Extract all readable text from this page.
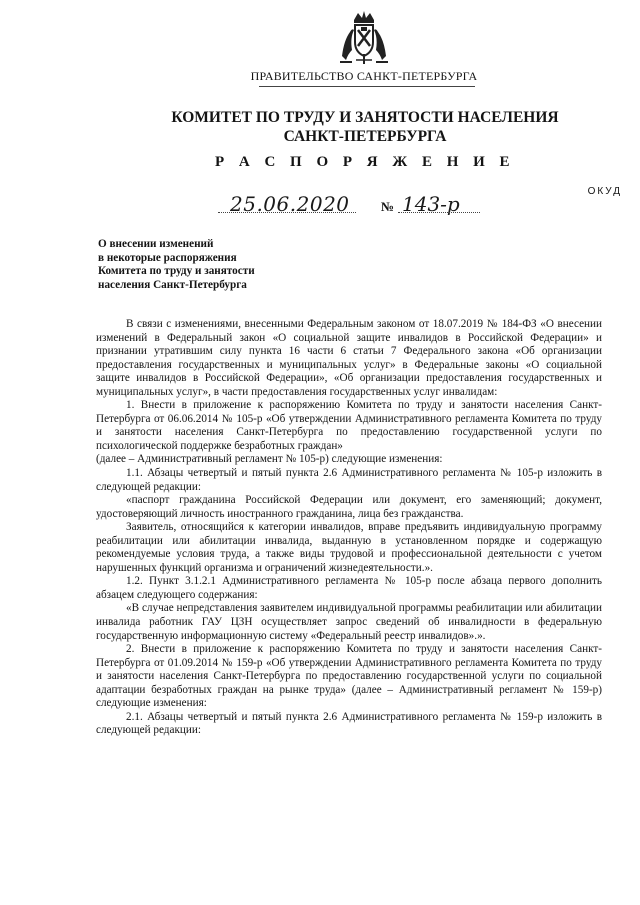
ПРАВИТЕЛЬСТВО САНКТ-ПЕТЕРБУРГА
КОМИТЕТ ПО ТРУДУ И ЗАНЯТОСТИ НАСЕЛЕНИЯ
САНКТ-ПЕТЕРБУРГА
Р А С П О Р Я Ж Е Н И Е
ОКУД
25.06.2020 № 143-р
О внесении изменений
в некоторые распоряжения
Комитета по труду и занятости
населения Санкт-Петербурга

В связи с изменениями, внесенными Федеральным законом от 18.07.2019 № 184-ФЗ «О внесении изменений в Федеральный закон «О социальной защите инвалидов в Российской Федерации» и признании утратившим силу пункта 16 части 6 статьи 7 Федерального закона «Об организации предоставления государственных и муниципальных услуг» в Федеральные законы «О социальной защите инвалидов в Российской Федерации», «Об организации предоставления государственных и муниципальных услуг», в части предоставления государственных услуг инвалидам:

1. Внести в приложение к распоряжению Комитета по труду и занятости населения Санкт-Петербурга от 06.06.2014 № 105-р «Об утверждении Административного регламента Комитета по труду и занятости населения Санкт-Петербурга по предоставлению государственной услуги по психологической поддержке безработных граждан»

(далее – Административный регламент № 105-р) следующие изменения:

1.1. Абзацы четвертый и пятый пункта 2.6 Административного регламента № 105-р изложить в следующей редакции:

«паспорт гражданина Российской Федерации или документ, его заменяющий; документ, удостоверяющий личность иностранного гражданина, лица без гражданства.

Заявитель, относящийся к категории инвалидов, вправе предъявить индивидуальную программу реабилитации или абилитации инвалида, выданную в установленном порядке и содержащую рекомендуемые условия труда, а также виды трудовой и профессиональной деятельности с учетом нарушенных функций организма и ограничений жизнедеятельности.».

1.2. Пункт 3.1.2.1 Административного регламента № 105-р после абзаца первого дополнить абзацем следующего содержания:

«В случае непредставления заявителем индивидуальной программы реабилитации или абилитации инвалида работник ГАУ ЦЗН осуществляет запрос сведений об инвалидности в федеральную государственную информационную систему «Федеральный реестр инвалидов».».

2. Внести в приложение к распоряжению Комитета по труду и занятости населения Санкт-Петербурга от 01.09.2014 № 159-р «Об утверждении Административного регламента Комитета по труду и занятости населения Санкт-Петербурга по предоставлению государственной услуги по социальной адаптации безработных граждан на рынке труда» (далее – Административный регламент № 159-р) следующие изменения:

2.1. Абзацы четвертый и пятый пункта 2.6 Административного регламента № 159-р изложить в следующей редакции:
